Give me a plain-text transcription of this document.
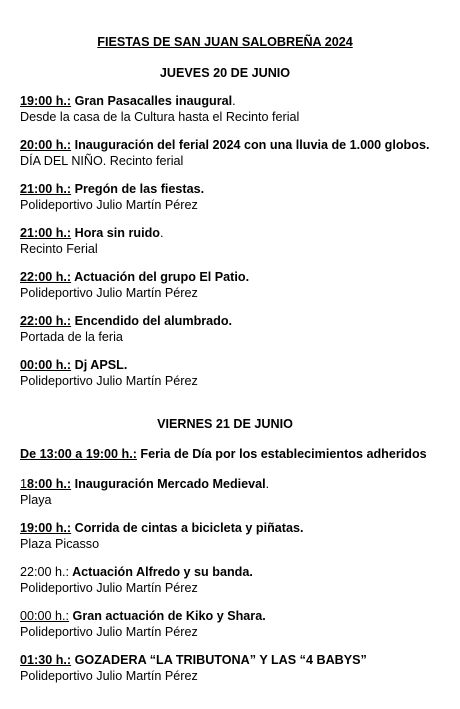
FIESTAS DE SAN JUAN SALOBREÑA 2024
JUEVES 20 DE JUNIO
19:00 h.: Gran Pasacalles inaugural.
Desde la casa de la Cultura hasta el Recinto ferial
20:00 h.: Inauguración del ferial 2024 con una lluvia de 1.000 globos.
DÍA DEL NIÑO. Recinto ferial
21:00 h.: Pregón de las fiestas.
Polideportivo Julio Martín Pérez
21:00 h.: Hora sin ruido.
Recinto Ferial
22:00 h.: Actuación del grupo El Patio.
Polideportivo Julio Martín Pérez
22:00 h.: Encendido del alumbrado.
Portada de la feria
00:00 h.: Dj APSL.
Polideportivo Julio Martín Pérez
VIERNES 21 DE JUNIO
De 13:00 a 19:00 h.: Feria de Día por los establecimientos adheridos
18:00 h.: Inauguración Mercado Medieval.
Playa
19:00 h.: Corrida de cintas a bicicleta y piñatas.
Plaza Picasso
22:00 h.: Actuación Alfredo y su banda.
Polideportivo Julio Martín Pérez
00:00 h.: Gran actuación de Kiko y Shara.
Polideportivo Julio Martín Pérez
01:30 h.: GOZADERA “LA TRIBUTONA” Y LAS “4 BABYS”
Polideportivo Julio Martín Pérez
